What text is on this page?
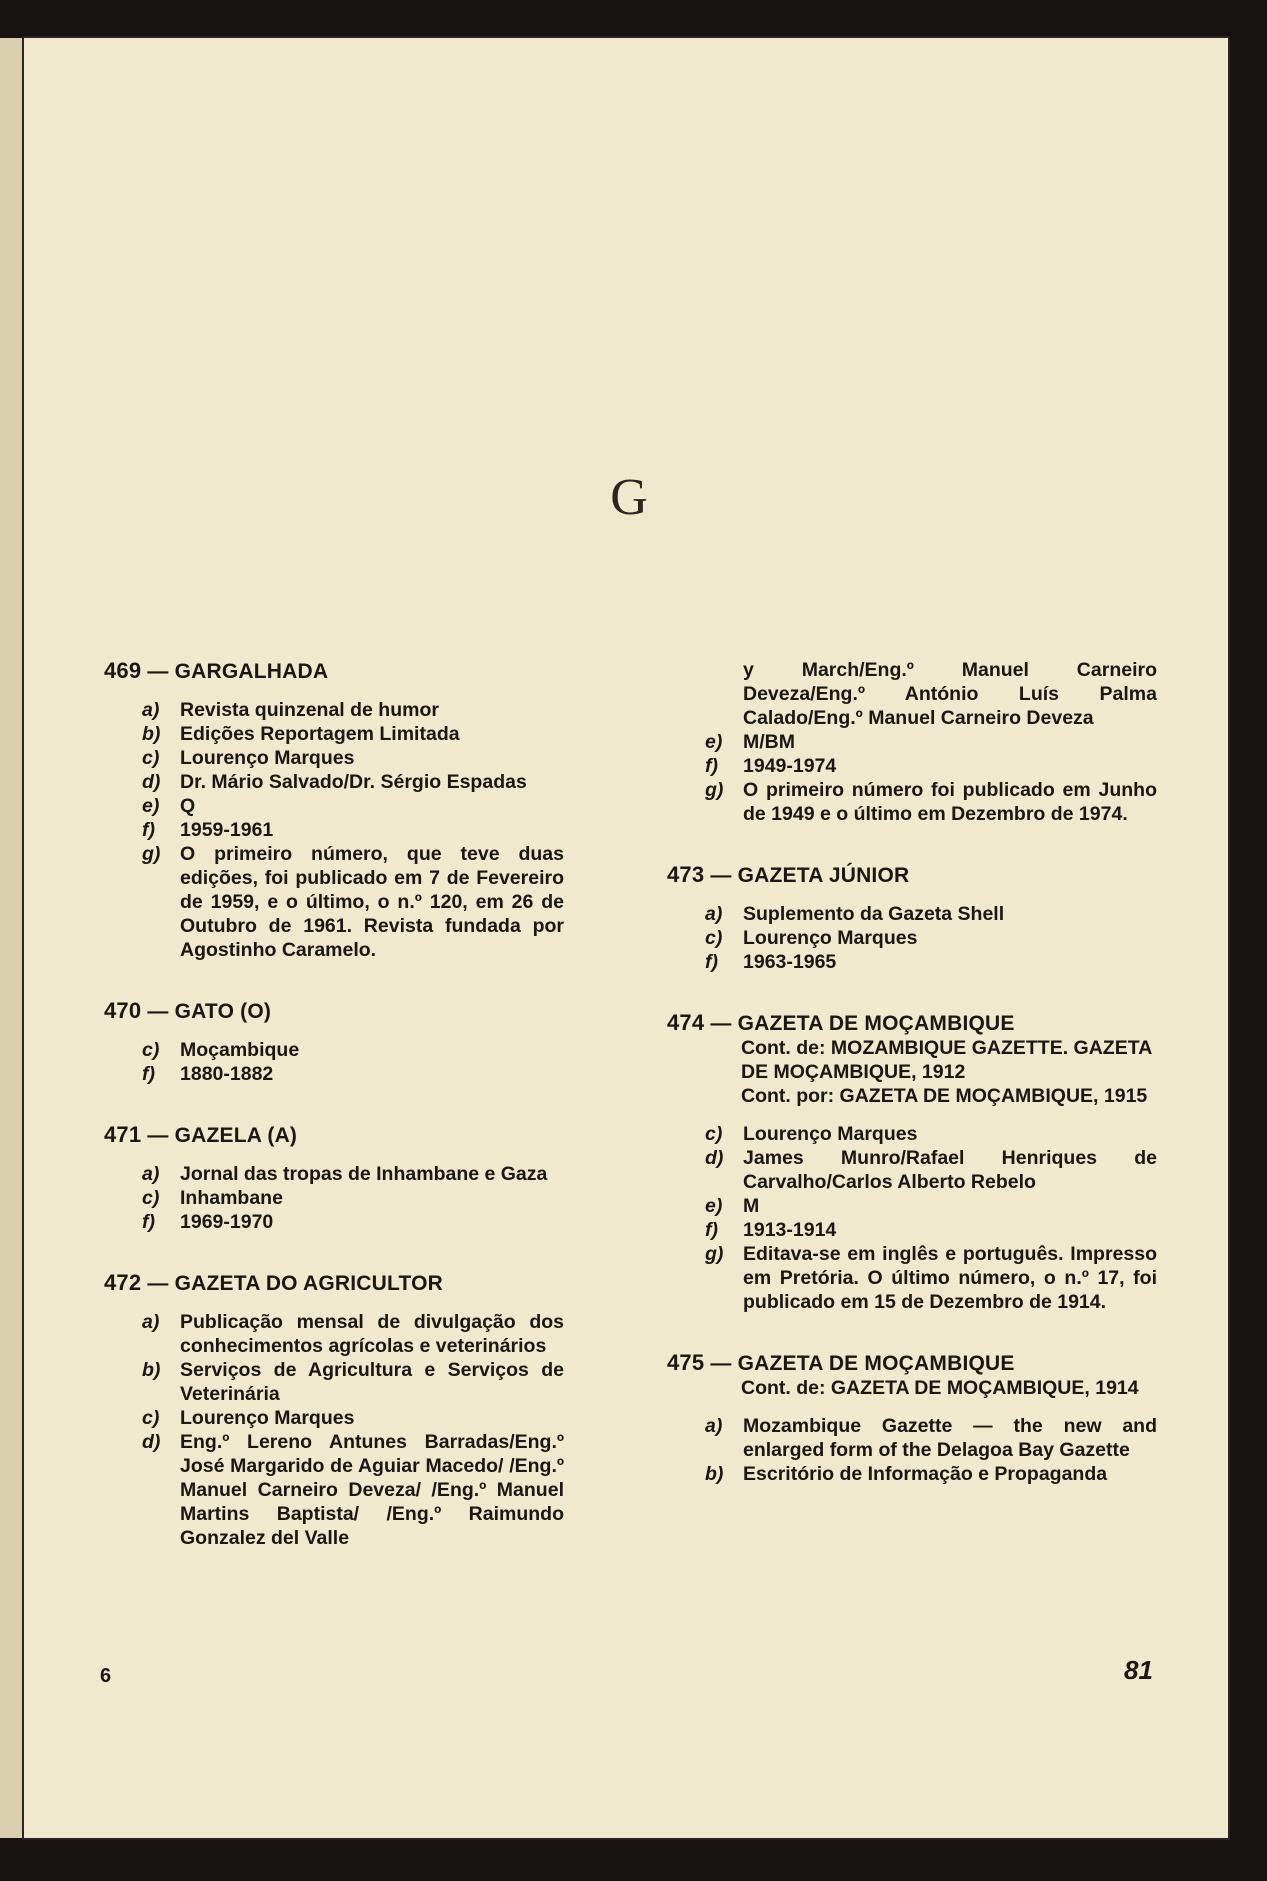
G
469 — GARGALHADA
a)	Revista quinzenal de humor
b)	Edições Reportagem Limitada
c)	Lourenço Marques
d)	Dr. Mário Salvado/Dr. Sérgio Espadas
e)	Q
f)	1959-1961
g)	O primeiro número, que teve duas edições, foi publicado em 7 de Fevereiro de 1959, e o último, o n.º 120, em 26 de Outubro de 1961. Revista fundada por Agostinho Caramelo.
470 — GATO (O)
c)	Moçambique
f)	1880-1882
471 — GAZELA (A)
a)	Jornal das tropas de Inhambane e Gaza
c)	Inhambane
f)	1969-1970
472 — GAZETA DO AGRICULTOR
a)	Publicação mensal de divulgação dos conhecimentos agrícolas e veterinários
b)	Serviços de Agricultura e Serviços de Veterinária
c)	Lourenço Marques
d)	Eng.º Lereno Antunes Barradas/Eng.º José Margarido de Aguiar Macedo/ /Eng.º Manuel Carneiro Deveza/ /Eng.º Manuel Martins Baptista/ /Eng.º Raimundo Gonzalez del Valle
y March/Eng.º Manuel Carneiro Deveza/Eng.º António Luís Palma Calado/Eng.º Manuel Carneiro Deveza
e)	M/BM
f)	1949-1974
g)	O primeiro número foi publicado em Junho de 1949 e o último em Dezembro de 1974.
473 — GAZETA JÚNIOR
a)	Suplemento da Gazeta Shell
c)	Lourenço Marques
f)	1963-1965
474 — GAZETA DE MOÇAMBIQUE
Cont. de: MOZAMBIQUE GAZETTE. GAZETA DE MOÇAMBIQUE, 1912
Cont. por: GAZETA DE MOÇAMBIQUE, 1915
c)	Lourenço Marques
d)	James Munro/Rafael Henriques de Carvalho/Carlos Alberto Rebelo
e)	M
f)	1913-1914
g)	Editava-se em inglês e português. Impresso em Pretória. O último número, o n.º 17, foi publicado em 15 de Dezembro de 1914.
475 — GAZETA DE MOÇAMBIQUE
Cont. de: GAZETA DE MOÇAMBIQUE, 1914
a)	Mozambique Gazette — the new and enlarged form of the Delagoa Bay Gazette
b)	Escritório de Informação e Propaganda
6	81
